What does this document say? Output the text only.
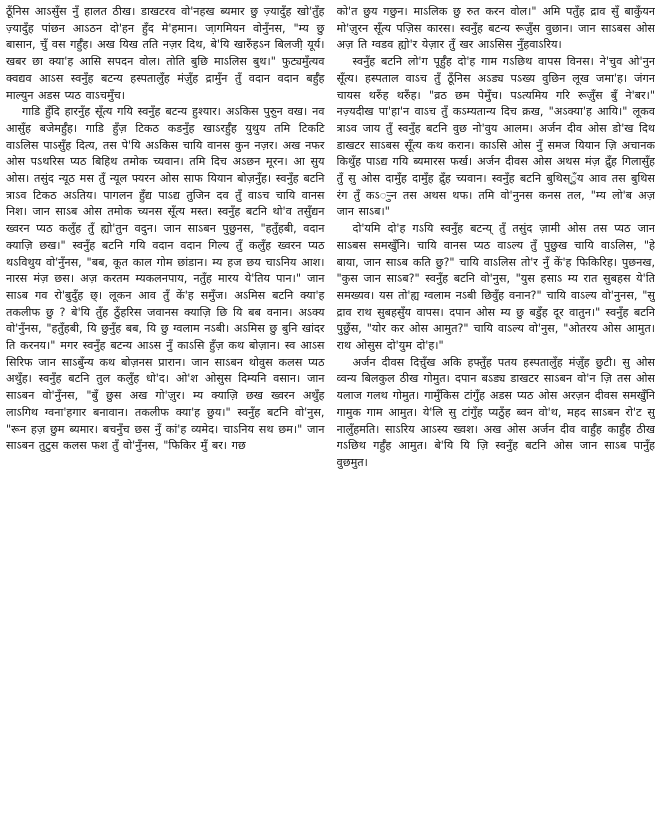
ठूँनिस आऽसुँस नुँ हालत ठीख। डाखटरव वो'नहख ब्यमार छु ज़्यादुँह खो'तुँह ज़्यादुँह पांछन आऽठन दो'हन हुँद मे'हमान। जा़गमियन वोनुँनस, "म्य छु बासान, चुँ वस गर्हुँह। अख यिख तति नज़र दिथ, बे'यि खारुँहऽन बिलजी़ यूर्य। खबर छा क्या'ह आसि सपदन वोल। तोति बुछि माऽलिस बुथ।" फुट्यमुँत्यव क्वद्यव आऽस स्वनुँह बटन्य हस्पतालुँह मंज़ुँह द्रामुँन तुँ वदान वदान बर्हुँह माल्युन अडस प्यठ वाऽचमुँच।

गाडि हुँदि हारनुँह सूँत्य गयि स्वनुँह बटन्य हुश्यार। अऽकिस पुरुुन वख। नव आसुँह बजेमर्हुँह। गाडि हुँज़ टिकठ कडनुँह खाऽरर्हुँह युथुय तमि टिकटि वाऽलिस पाऽसुँह दित्य, तस पे'यि अऽकिस चायि वानस कुन नज़र। अख नफर ओस पऽथरिस प्यठ बिहिथ तमोक च्यवान। तमि दिच अऽछन मूरन। आ सुय ओस। तसुंद न्यूठ मस तुँ न्यूल फ्यरन ओस साफ यियान बोज़नुँह। स्वनुँह बटनि त्राऽव टिकठ अऽतिय। पागलन हुँद्य पाऽद्य तुजिन दव तुँ वाऽच चायि वानस निश। जान साऽब ओस तमोक च्यनस सूँत्य मस्त। स्वनुँह बटनि थो'व तसुँद्यन ख्वरन प्यठ कलुँह तुँ ह्यो'तुन वदुन। जान साऽबन पुछुनस, "हतुँहबी, वदान क्याज़ि छख।" स्वनुँह बटनि गयि वदान वदान गिल्य तुँ कलुँह ख्वरन प्यठ थऽविथुय वो'नुँनस, "बब, कूत काल गोम छांडान। म्य हज छय चाऽनिय आश। नारस मंज़ छस। अज़ करतम म्यकलनपाय, नतुँह मारय ये'तिय पान।" जान साऽब गव रो'बुदुँह छ्। लूकन आव तुँ कें'ह समुँज। अऽमिस बटनि क्या'ह तकलीफ छु ? बे'यि तुँह ठुँहरिस जवानस क्याज़ि छि यि बब वनान। अऽक्य वो'नुँनस, "हतुँहबी, यि छुनुँह बब, यि छु ग्वलाम नऽबी। अऽमिस छु बुनि खांदर ति करनय।" मगर स्वनुँह बटन्य आऽस नुँ काऽसि हुँज़ कथ बोज़ान। स्व आऽस सिरिफ जान साऽबुँन्य कथ बोज़नस प्रारान। जान साऽबन थोवुस कलस प्यठ अथुँह। स्वनुँह बटनि तुल कलुँह धो'द। ओ'श ओसुस दिम्यनि वसान। जान साऽबन वो'नुँनस, "बुँ छुस अख गो'ज़ुर। म्य क्याज़ि छख ख्वरन अथुँह लाऽगिथ ग्वना'हगार बनावान। तकलीफ क्या'ह छुय।" स्वनुँह बटनि वो'नुस, "रून हज़ छुम ब्यमार। बचनुँच छस नुँ कां'ह व्यमेद। चाऽनिय सथ छम।" जान साऽबन तुटुस कलस फश तुँ वो'नुँनस, "फिकिर मुँ बर। गछ

को'त छुय गछुन। माऽलिक छु रुत करन वोल।" अमि पतुँह द्राव सुँ बाकुँयन मो'ज़ुरन सूँत्य पज़िस कारस। स्वनुँह बटन्य रूज़ुँस वुछान। जान साऽबस ओस अज़ ति ग्वडव ह्यो'र येज़ार तुँ खर आऽसिस नुँहवाऽरिय।

स्वनुँह बटनि लो'ग पूर्हुँह दो'ह गाम गऽछिथ वापस विनस। ने'चुव ओ'नुन सूँत्य। हस्पताल वाऽच तुँ ठूँनिस अऽड्य पऽख्य वुछिन लूख जमा'ह। जंगन चायस थरुँह थरुँह। "व्रठ छम पेमुँच। पऽत्यमिय गरि रूज़ुँस बुँ ने'बर।" नज़्यदीख पा'हा'न वाऽच तुँ कऽम्यतान्य दिच क्रख, "अऽक्या'ह आयि।" लूकव त्राऽव जाय तुँ स्वनुँह बटनि वुछ नो'वुय आलम। अर्जन दीव ओस डो'ख दिथ डाखटर साऽबस सूँत्य कथ करान। काऽसि ओस नुँ समज यियान ज़ि अचानक किथुँह पाऽद्य गयि ब्यमारस फर्ख। अर्जन दीवस ओस अथस मंज़ द्रुँह गिलासुँह तुँ सु ओस दामुँह दामुँह द्रुँह च्यवान। स्वनुँह बटनि बुथिस्ुँय आव तस बुथिस रंग तुँ कऽर्‍ुन तस अथस थफ। तमि वो'नुनस कनस तल, "म्य लो'ब अज़ जान साऽब।"

दो'यमि दो'ह गऽयि स्वनुँह बटन्य् तुँ तसुंद ज़ामी ओस तस प्यठ जान साऽबस समखुँनि। चायि वानस प्यठ वाऽल्य तुँ पुछुख चायि वाऽलिस, "हे बाया, जान साऽब कति छु?" चायि वाऽलिस तो'र नुँ कें'ह फिकिरिह। पुछनख, "कुस जान साऽब?" स्वनुँह बटनि वो'नुस, "युस हसाऽ म्य रात सुबहस ये'ति समख्यव। यस तो'ह्य ग्वलाम नऽबी छिवुँह वनान?" चायि वाऽल्य वो'नुनस, "सु द्राव राथ सुबहसुँय वापस। दपान ओस म्य छु बडुँह दूर वातुन।" स्वनुँह बटनि पुछुँस, "योर कर ओस आमुत?" चायि वाऽल्य वो'नुस, "ओतरय ओस आमुत। राथ ओसुस दो'युम दो'ह।"

अर्जन दीवस दिच़ुँख अकि हफ्तुँह पतय हस्पतालुँह मंज़ुँह छुटी। सु ओस व्वन्य बिलकुल ठीख गोमुत। दपान बऽड्य डाखटर साऽबन वो'न ज़ि तस ओस यलाज गलथ गोमुत। गामुँकिस टांगुँह अडस प्यठ ओस अरज़न दीवस समखुँनि गामुक गाम आमुत। ये'लि सु टांगुँह प्यठुँह ब्वन वो'थ, महद साऽबन रो'ट सु नालुँहमति। साऽरिय आऽस्य ख्वश। अख ओस अर्जन दीव वार्हुँह कार्हुँह ठीख गऽछिथ गर्हुँह आमुत। बे'यि यि ज़ि स्वनुँह बटनि ओस जान साऽब पानुँह वुछमुत।
